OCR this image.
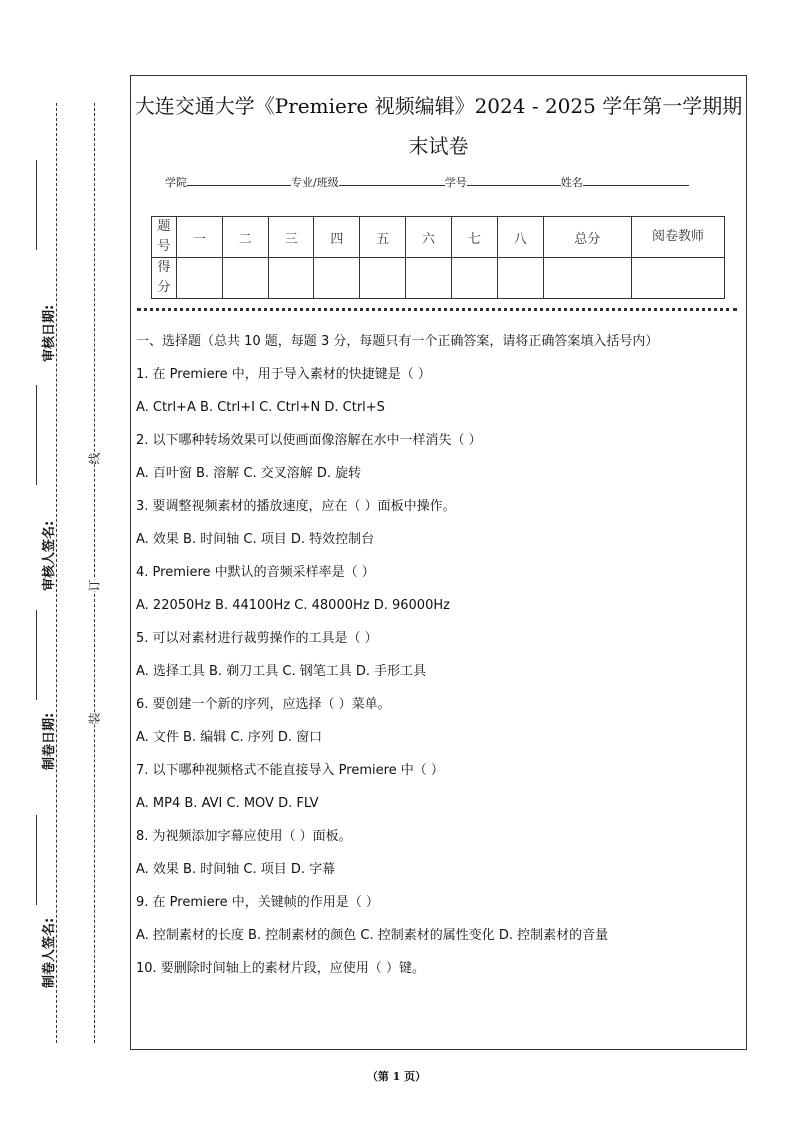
审核日期:
审核人签名:
制卷日期:
制卷人签名:
线
订
装
大连交通大学《Premiere 视频编辑》2024 - 2025 学年第一学期期
末试卷
学院	专业/班级	学号	姓名
题号	一	二	三	四	五	六	七	八	总分	阅卷教师
得分										

一、选择题（总共 10 题，每题 3 分，每题只有一个正确答案，请将正确答案填入括号内）

1. 在 Premiere 中，用于导入素材的快捷键是（ ）

A. Ctrl+A B. Ctrl+I C. Ctrl+N D. Ctrl+S

2. 以下哪种转场效果可以使画面像溶解在水中一样消失（ ）

A. 百叶窗 B. 溶解 C. 交叉溶解 D. 旋转

3. 要调整视频素材的播放速度，应在（ ）面板中操作。

A. 效果 B. 时间轴 C. 项目 D. 特效控制台

4. Premiere 中默认的音频采样率是（ ）

A. 22050Hz B. 44100Hz C. 48000Hz D. 96000Hz

5. 可以对素材进行裁剪操作的工具是（ ）

A. 选择工具 B. 剃刀工具 C. 钢笔工具 D. 手形工具

6. 要创建一个新的序列，应选择（ ）菜单。

A. 文件 B. 编辑 C. 序列 D. 窗口

7. 以下哪种视频格式不能直接导入 Premiere 中（ ）

A. MP4 B. AVI C. MOV D. FLV

8. 为视频添加字幕应使用（ ）面板。

A. 效果 B. 时间轴 C. 项目 D. 字幕

9. 在 Premiere 中，关键帧的作用是（ ）

A. 控制素材的长度 B. 控制素材的颜色 C. 控制素材的属性变化 D. 控制素材的音量

10. 要删除时间轴上的素材片段，应使用（ ）键。

（第 1 页）
